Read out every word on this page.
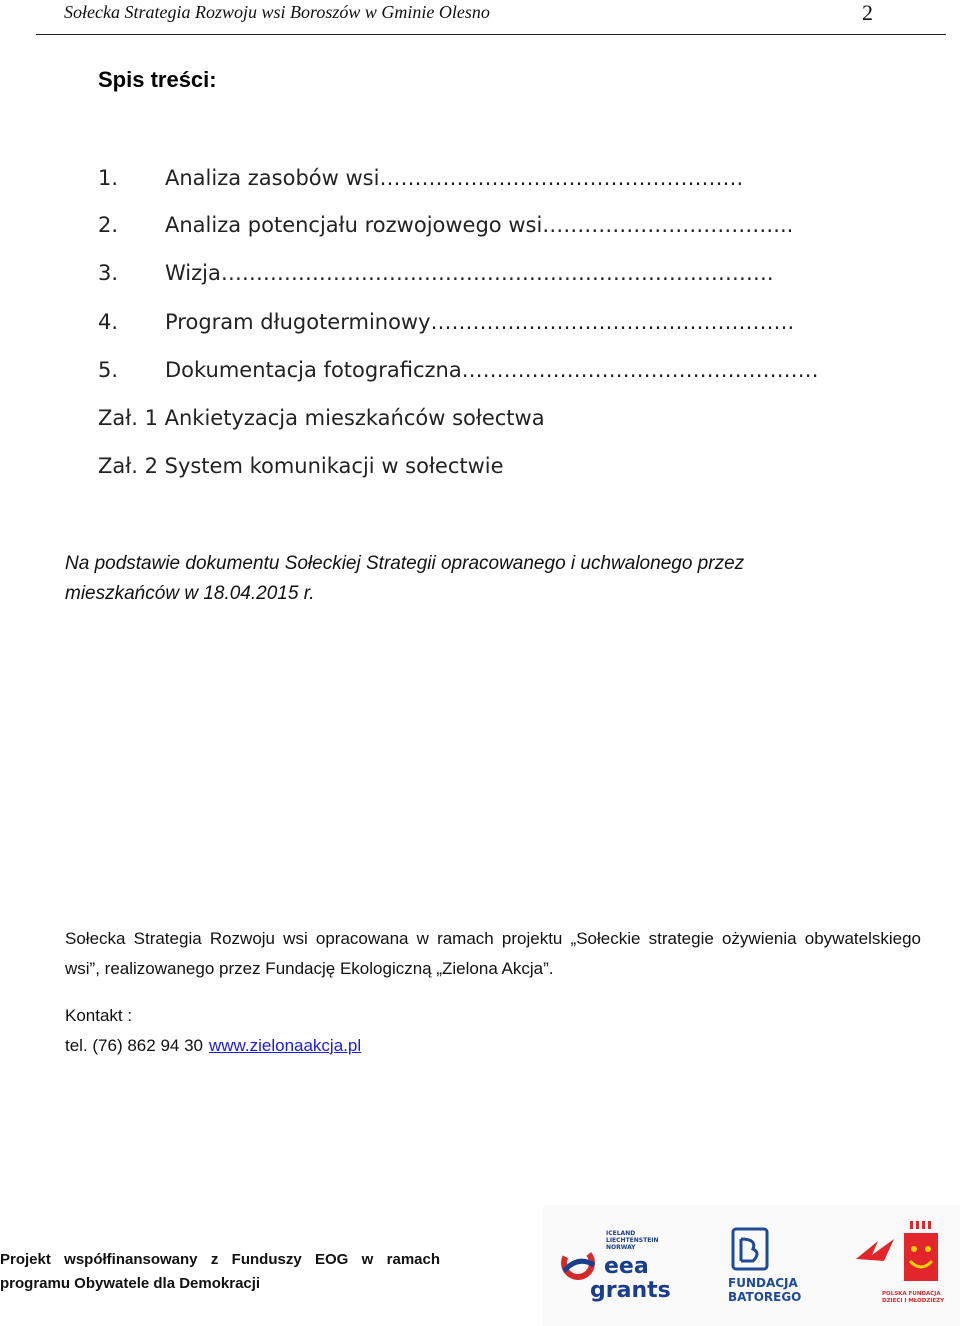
Sołecka Strategia Rozwoju wsi Boroszów w Gminie Olesno	2
Spis treści:
1. Analiza zasobów wsi…………………………………………….
2. Analiza potencjału rozwojowego wsi……………………………...
3. Wizja…………………………………………………………………….
4. Program długoterminowy…………………………………………….
5. Dokumentacja fotograficzna……………………………………………
Zał. 1 Ankietyzacja mieszkańców sołectwa
Zał. 2 System komunikacji w sołectwie
Na podstawie dokumentu Sołeckiej Strategii opracowanego i uchwalonego przez mieszkańców w 18.04.2015 r.
Sołecka Strategia Rozwoju wsi opracowana w ramach projektu „Sołeckie strategie ożywienia obywatelskiego wsi”, realizowanego przez Fundację Ekologiczną „Zielona Akcja”.
Kontakt :
tel. (76) 862 94 30 www.zielonaakcja.pl
Projekt współfinansowany z Funduszy EOG w ramach programu Obywatele dla Demokracji
ICELAND
LIECHTENSTEIN
NORWAY
eea
grants	FUNDACJA
BATOREGO	POLSKA FUNDACJA
DZIECI I MŁODZIEŻY
